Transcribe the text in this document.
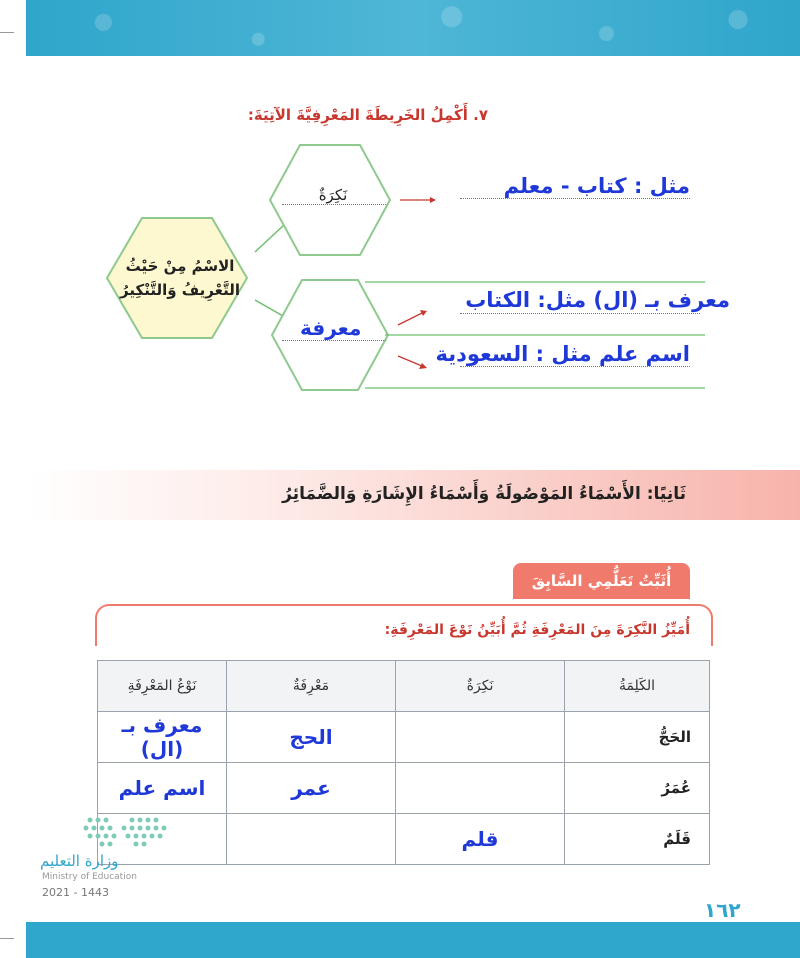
٧. أَكْمِلُ الخَرِيطَةَ المَعْرِفِيَّةَ الآتِيَةَ:
الاسْمُ مِنْ حَيْثُ التَّعْرِيفُ وَالتَّنْكِيرُ
نَكِرَةٌ
معرفة
مثل : كتاب - معلم
معرف بـ (ال) مثل: الكتاب
اسم علم مثل : السعودية
ثَانِيًا: الأَسْمَاءُ المَوْصُولَةُ وَأَسْمَاءُ الإِشَارَةِ وَالضَّمَائِرُ
أُثَبِّتُ تَعَلُّمِي السَّابِقَ
أُمَيِّزُ النَّكِرَةَ مِنَ المَعْرِفَةِ ثُمَّ أُبَيِّنُ نَوْعَ المَعْرِفَةِ:
الكَلِمَةُ	نَكِرَةٌ	مَعْرِفَةٌ	نَوْعُ المَعْرِفَةِ
الحَجُّ		الحج	معرف بـ (ال)
عُمَرُ		عمر	اسم علم
قَلَمٌ	قلم		
وزارة التعليم
Ministry of Education
2021 - 1443
١٦٢
